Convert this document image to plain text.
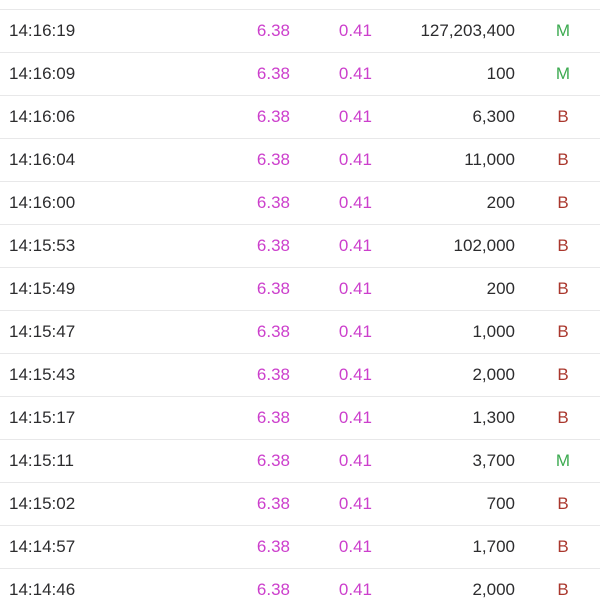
14:16:19	6.38	0.41	127,203,400	M
14:16:09	6.38	0.41	100	M
14:16:06	6.38	0.41	6,300	B
14:16:04	6.38	0.41	11,000	B
14:16:00	6.38	0.41	200	B
14:15:53	6.38	0.41	102,000	B
14:15:49	6.38	0.41	200	B
14:15:47	6.38	0.41	1,000	B
14:15:43	6.38	0.41	2,000	B
14:15:17	6.38	0.41	1,300	B
14:15:11	6.38	0.41	3,700	M
14:15:02	6.38	0.41	700	B
14:14:57	6.38	0.41	1,700	B
14:14:46	6.38	0.41	2,000	B
